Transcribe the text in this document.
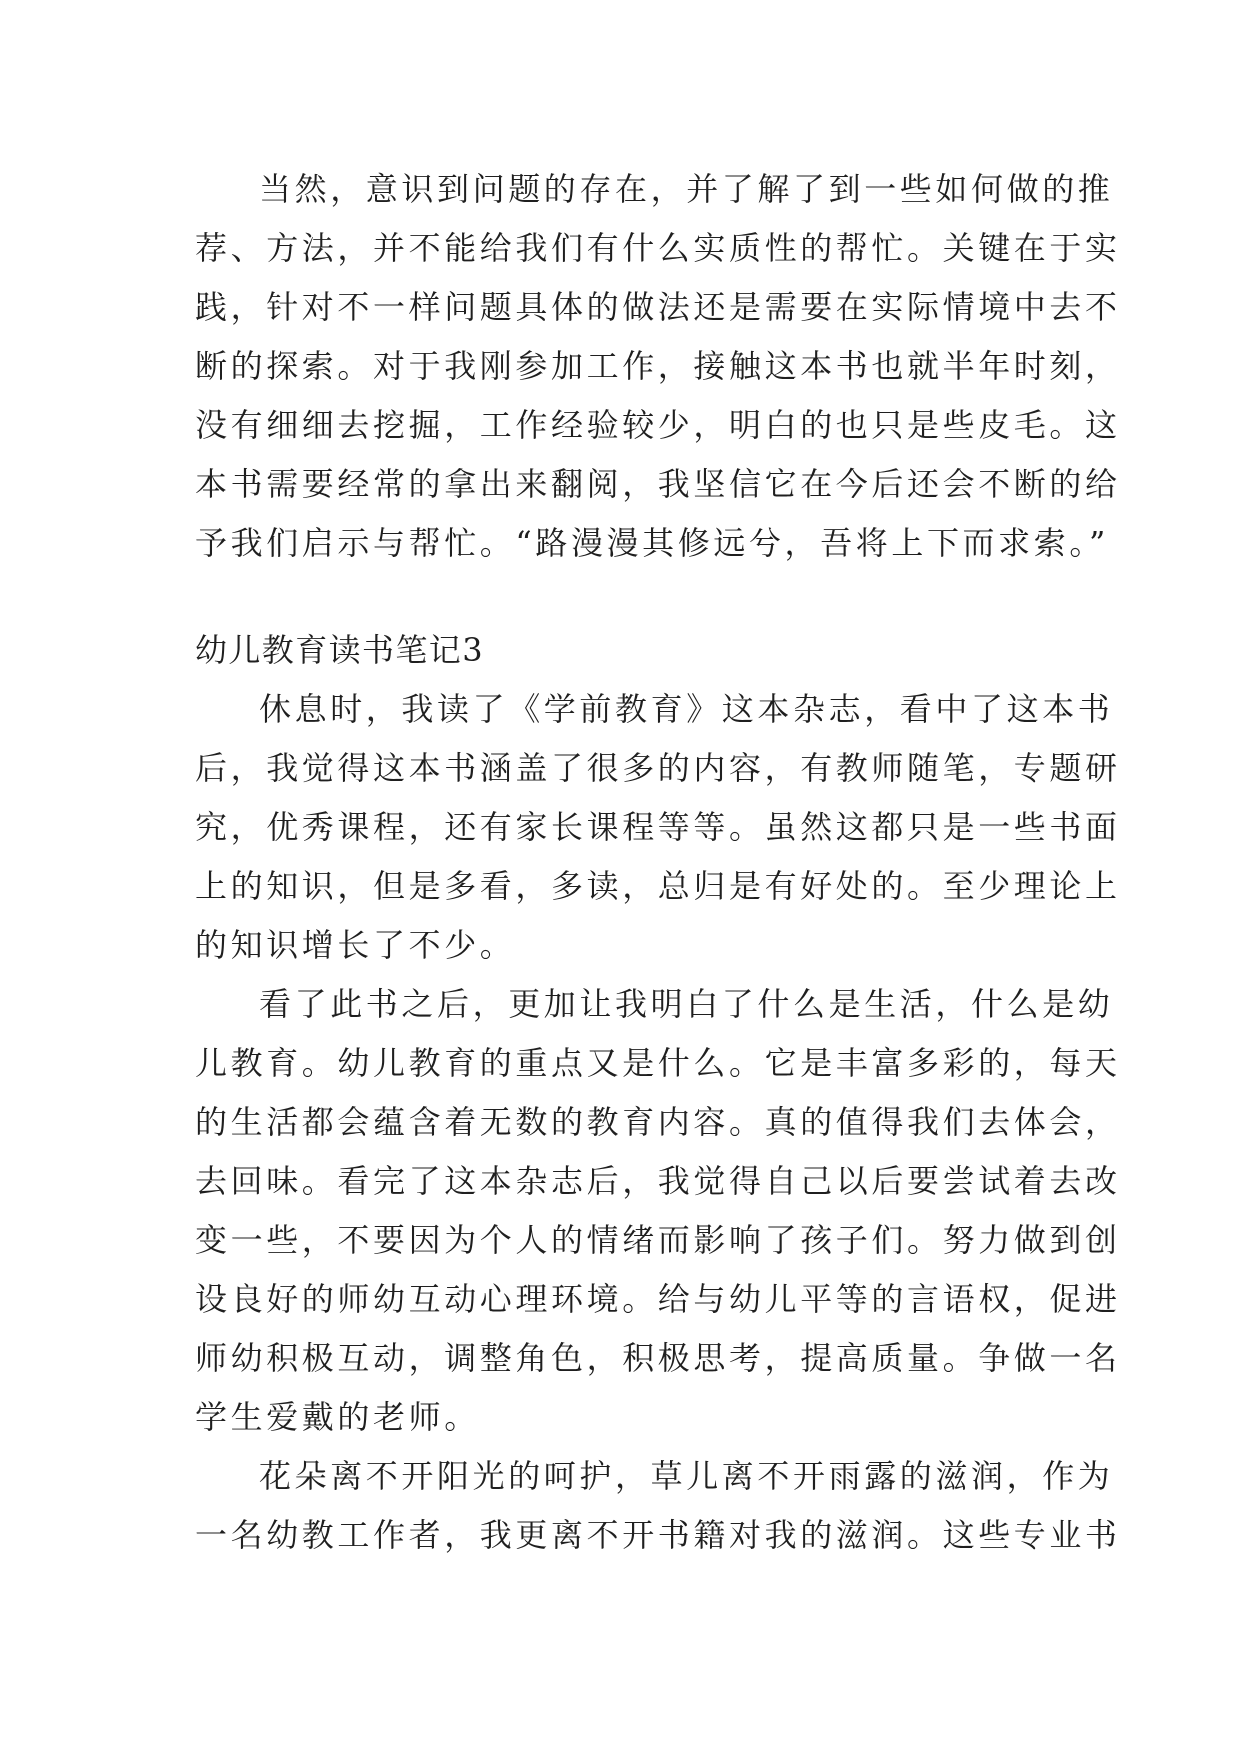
当然，意识到问题的存在，并了解了到一些如何做的推
荐、方法，并不能给我们有什么实质性的帮忙。关键在于实
践，针对不一样问题具体的做法还是需要在实际情境中去不
断的探索。对于我刚参加工作，接触这本书也就半年时刻，
没有细细去挖掘，工作经验较少，明白的也只是些皮毛。这
本书需要经常的拿出来翻阅，我坚信它在今后还会不断的给
予我们启示与帮忙。“路漫漫其修远兮，吾将上下而求索。”
幼儿教育读书笔记3
休息时，我读了《学前教育》这本杂志，看中了这本书
后，我觉得这本书涵盖了很多的内容，有教师随笔，专题研
究，优秀课程，还有家长课程等等。虽然这都只是一些书面
上的知识，但是多看，多读，总归是有好处的。至少理论上
的知识增长了不少。
看了此书之后，更加让我明白了什么是生活，什么是幼
儿教育。幼儿教育的重点又是什么。它是丰富多彩的，每天
的生活都会蕴含着无数的教育内容。真的值得我们去体会，
去回味。看完了这本杂志后，我觉得自己以后要尝试着去改
变一些，不要因为个人的情绪而影响了孩子们。努力做到创
设良好的师幼互动心理环境。给与幼儿平等的言语权，促进
师幼积极互动，调整角色，积极思考，提高质量。争做一名
学生爱戴的老师。
花朵离不开阳光的呵护，草儿离不开雨露的滋润，作为
一名幼教工作者，我更离不开书籍对我的滋润。这些专业书
